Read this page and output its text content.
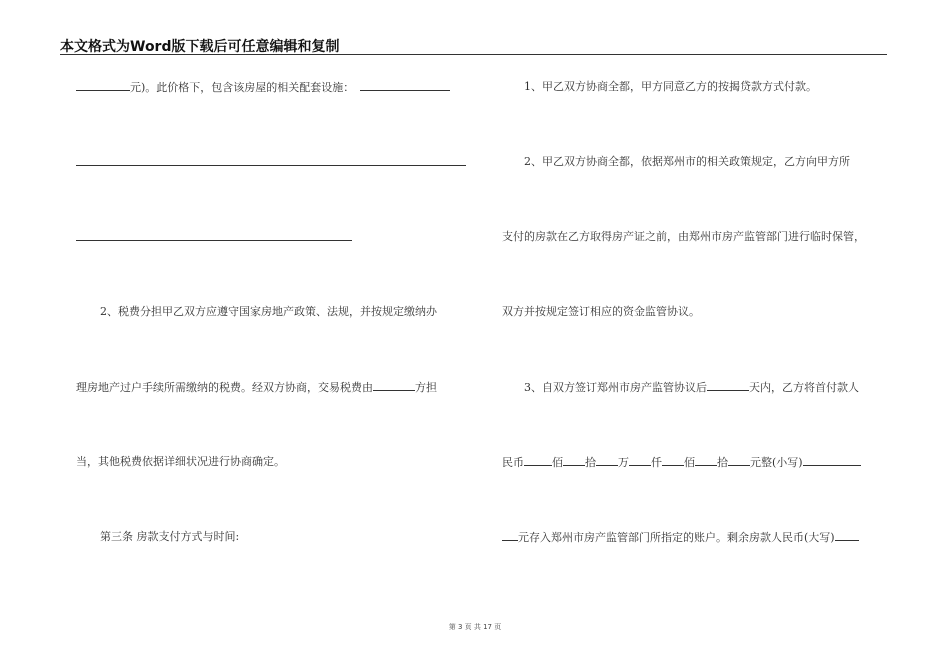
本文格式为Word版下载后可任意编辑和复制
元)。此价格下，包含该房屋的相关配套设施：
2、税费分担甲乙双方应遵守国家房地产政策、法规，并按规定缴纳办
理房地产过户手续所需缴纳的税费。经双方协商，交易税费由	方担
当，其他税费依据详细状况进行协商确定。
第三条 房款支付方式与时间:
1、甲乙双方协商全都，甲方同意乙方的按揭贷款方式付款。
2、甲乙双方协商全都，依据郑州市的相关政策规定，乙方向甲方所
支付的房款在乙方取得房产证之前，由郑州市房产监管部门进行临时保管，
双方并按规定签订相应的资金监管协议。
3、自双方签订郑州市房产监管协议后	天内，乙方将首付款人
民币	佰 拾 万 仟 佰 拾 元整(小写)
元存入郑州市房产监管部门所指定的账户。剩余房款人民币(大写)
第 3 页 共 17 页
